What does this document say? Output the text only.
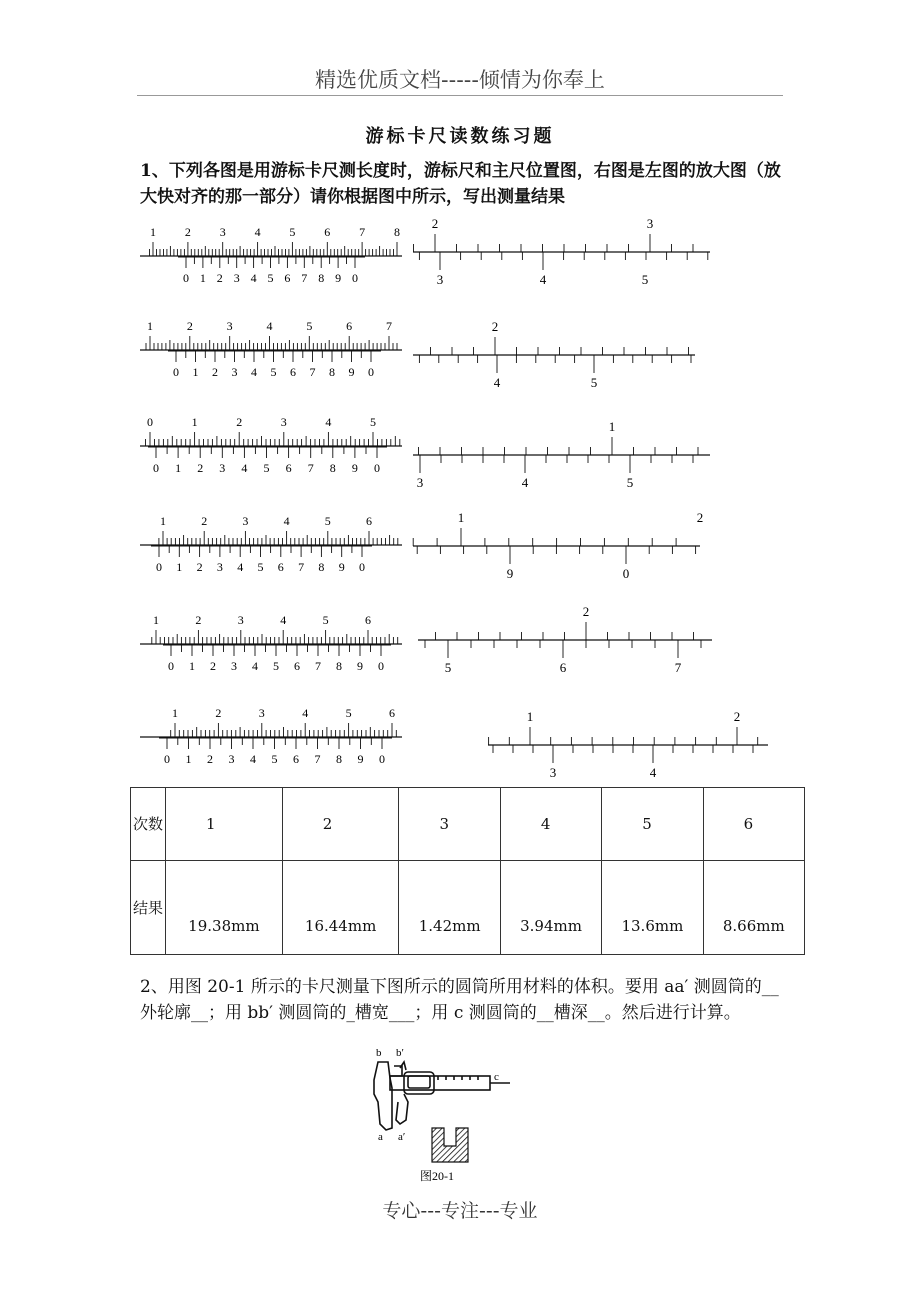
精选优质文档-----倾情为你奉上
游标卡尺读数练习题
1、下列各图是用游标卡尺测长度时，游标尺和主尺位置图，右图是左图的放大图（放大快对齐的那一部分）请你根据图中所示，写出测量结果
1 2 3 4 5 6 7 8
0 1 2 3 4 5 6 7 8 9 0
2	3
3	4	5
1	2	3	4	5	6	7
0 1 2 3 4 5 6 7 8 9 0
2
4	5
0	1	2	3	4	5
0 1 2 3 4 5 6 7 8 9 0
1
3	4	5
1	2	3	4	5	6
0 1 2 3 4 5 6 7 8 9 0
1	2
9	0
1	2	3	4	5	6
0 1 2 3 4 5 6 7 8 9 0
2
5	6	7
1	2	3	4	5	6
0 1 2 3 4 5 6 7 8 9 0
1	2
3	4
次数	1	2	3	4	5	6
结果	19.38mm	16.44mm	1.42mm	3.94mm	13.6mm	8.66mm
2、用图 20-1 所示的卡尺测量下图所示的圆筒所用材料的体积。要用 aa′ 测圆筒的__外轮廓__；用 bb′ 测圆筒的_槽宽___；用 c 测圆筒的__槽深__。然后进行计算。
b b′
c
a a′
图20-1
专心---专注---专业
